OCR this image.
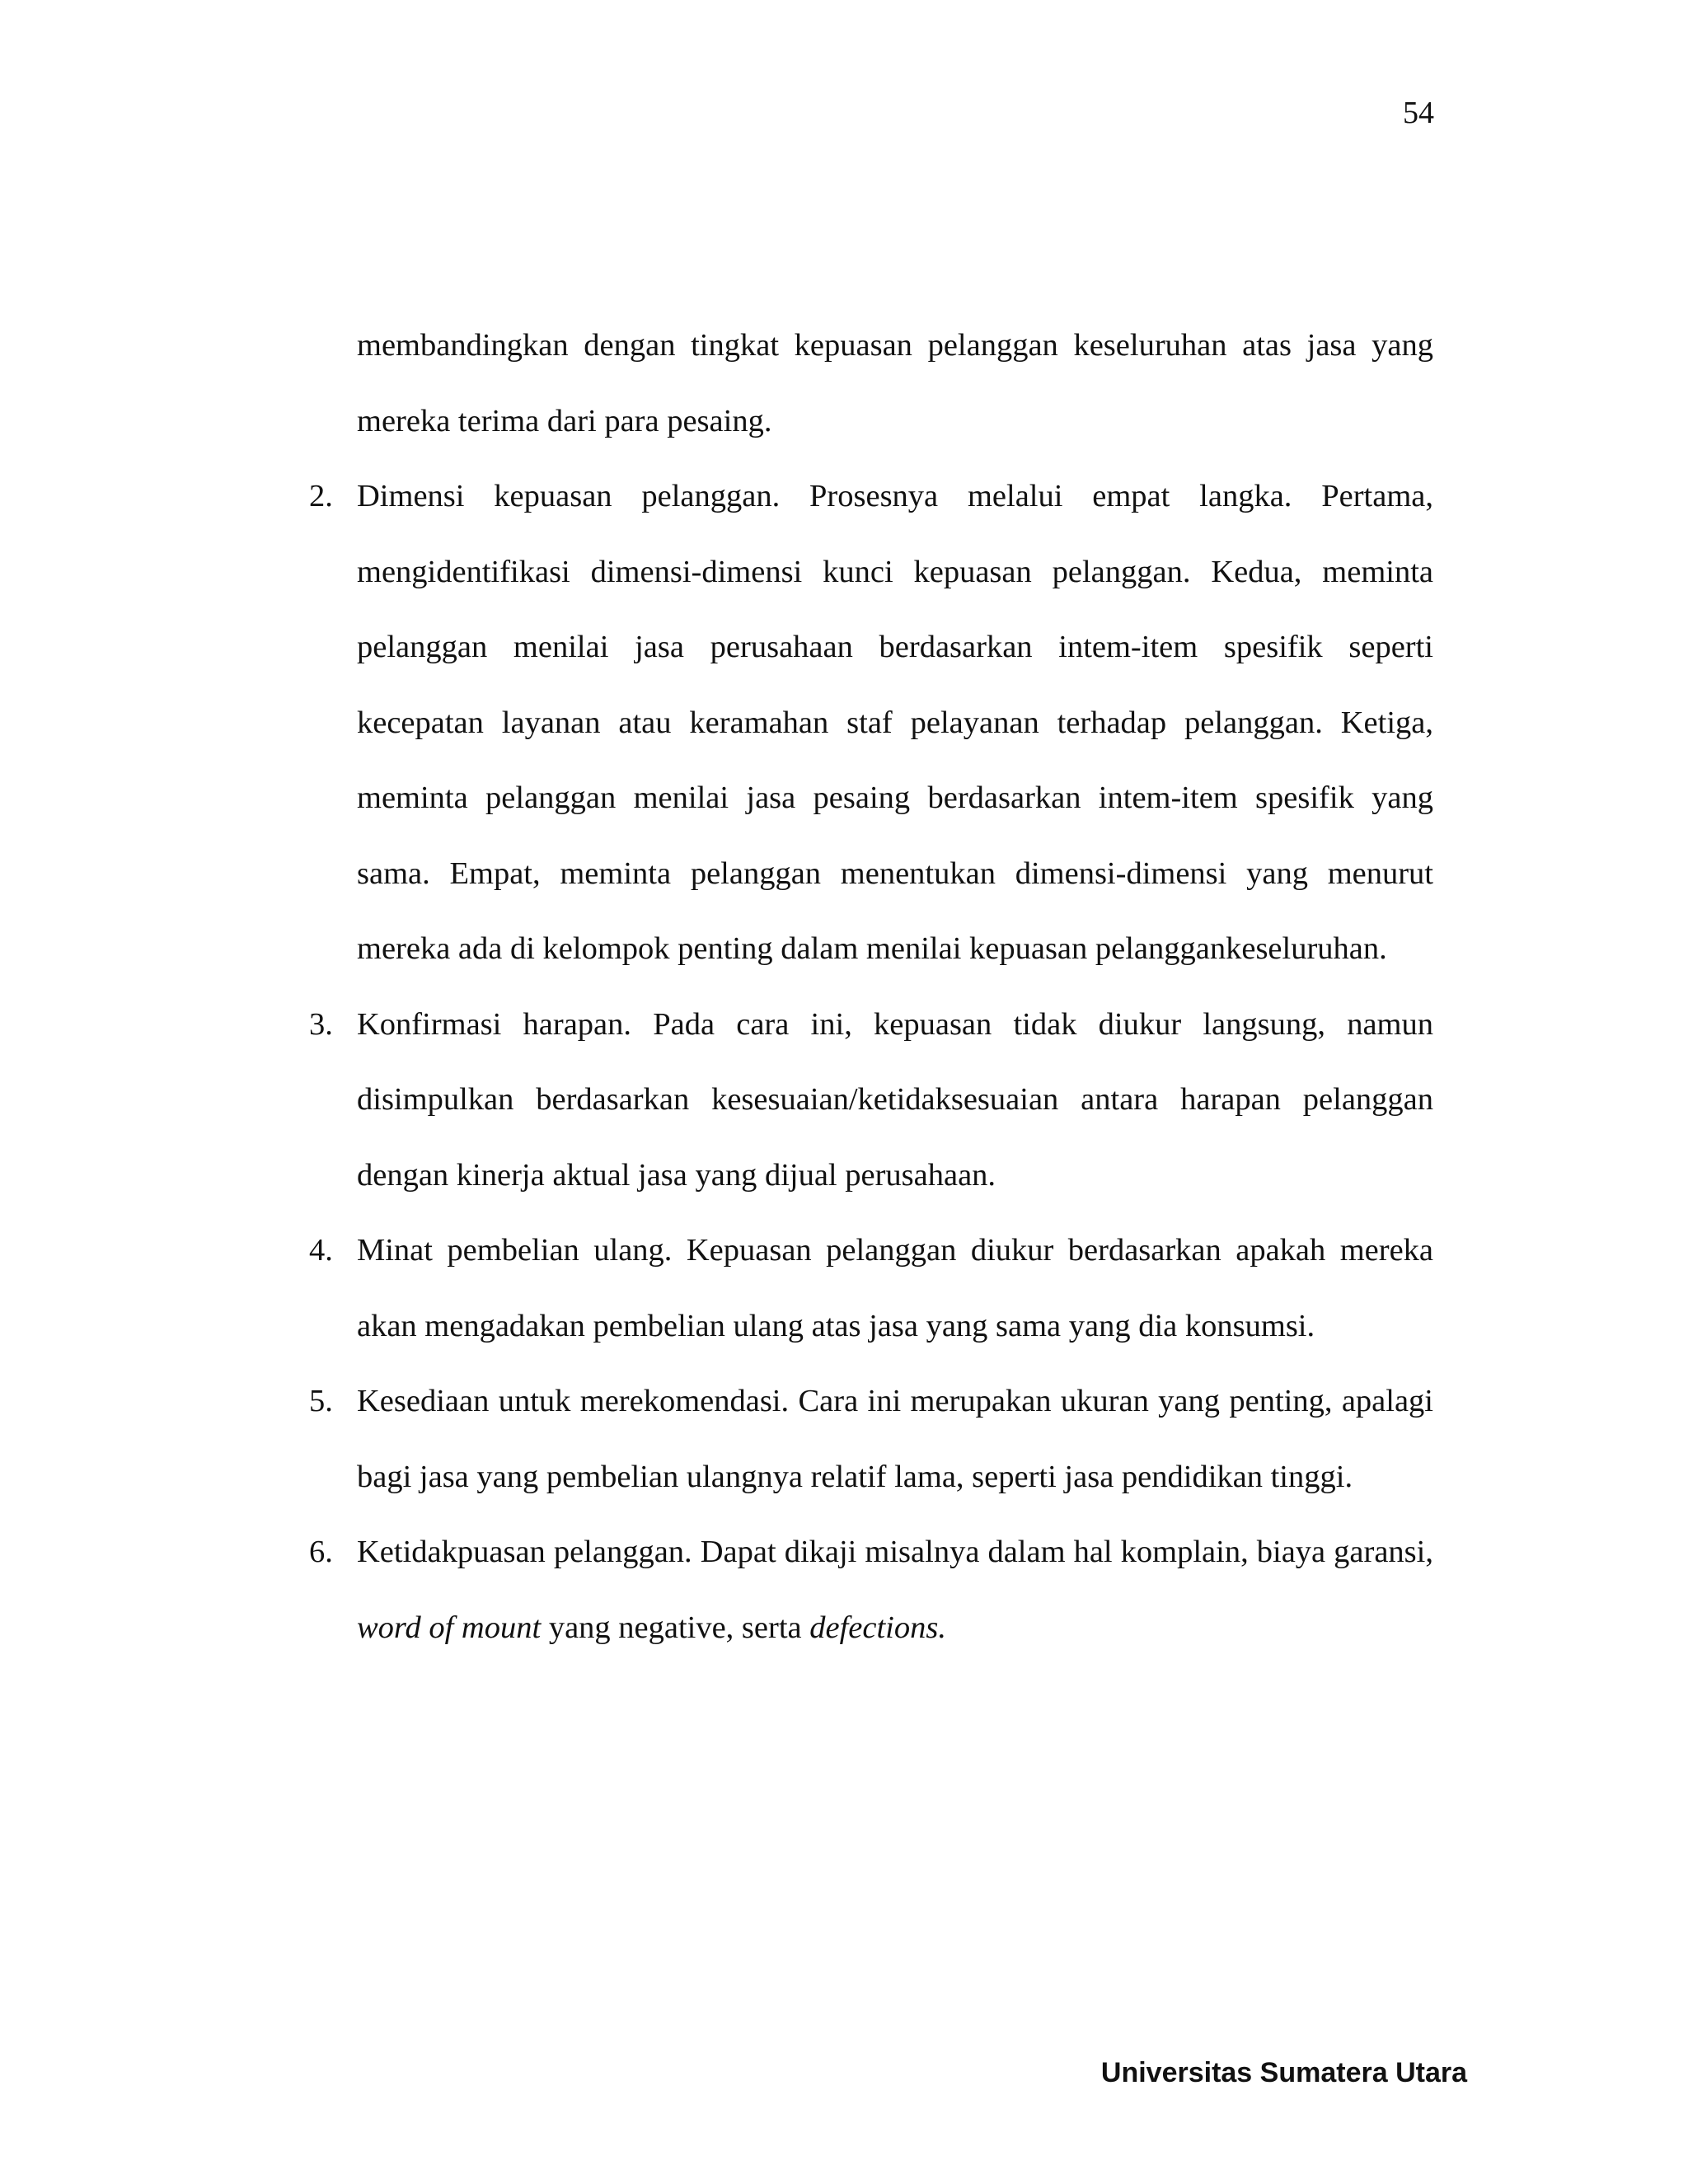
54

membandingkan dengan tingkat kepuasan pelanggan keseluruhan atas jasa yang mereka terima dari para pesaing.

2. Dimensi kepuasan pelanggan. Prosesnya melalui empat langka. Pertama, mengidentifikasi dimensi-dimensi kunci kepuasan pelanggan. Kedua, meminta pelanggan menilai jasa perusahaan berdasarkan intem-item spesifik seperti kecepatan layanan atau keramahan staf pelayanan terhadap pelanggan. Ketiga, meminta pelanggan menilai jasa pesaing berdasarkan intem-item spesifik yang sama. Empat, meminta pelanggan menentukan dimensi-dimensi yang menurut mereka ada di kelompok penting dalam menilai kepuasan pelanggankeseluruhan.
3. Konfirmasi harapan. Pada cara ini, kepuasan tidak diukur langsung, namun disimpulkan berdasarkan kesesuaian/ketidaksesuaian antara harapan pelanggan dengan kinerja aktual jasa yang dijual perusahaan.
4. Minat pembelian ulang. Kepuasan pelanggan diukur berdasarkan apakah mereka akan mengadakan pembelian ulang atas jasa yang sama yang dia konsumsi.
5. Kesediaan untuk merekomendasi. Cara ini merupakan ukuran yang penting, apalagi bagi jasa yang pembelian ulangnya relatif lama, seperti jasa pendidikan tinggi.
6. Ketidakpuasan pelanggan. Dapat dikaji misalnya dalam hal komplain, biaya garansi, word of mount yang negative, serta defections.
Universitas Sumatera Utara
